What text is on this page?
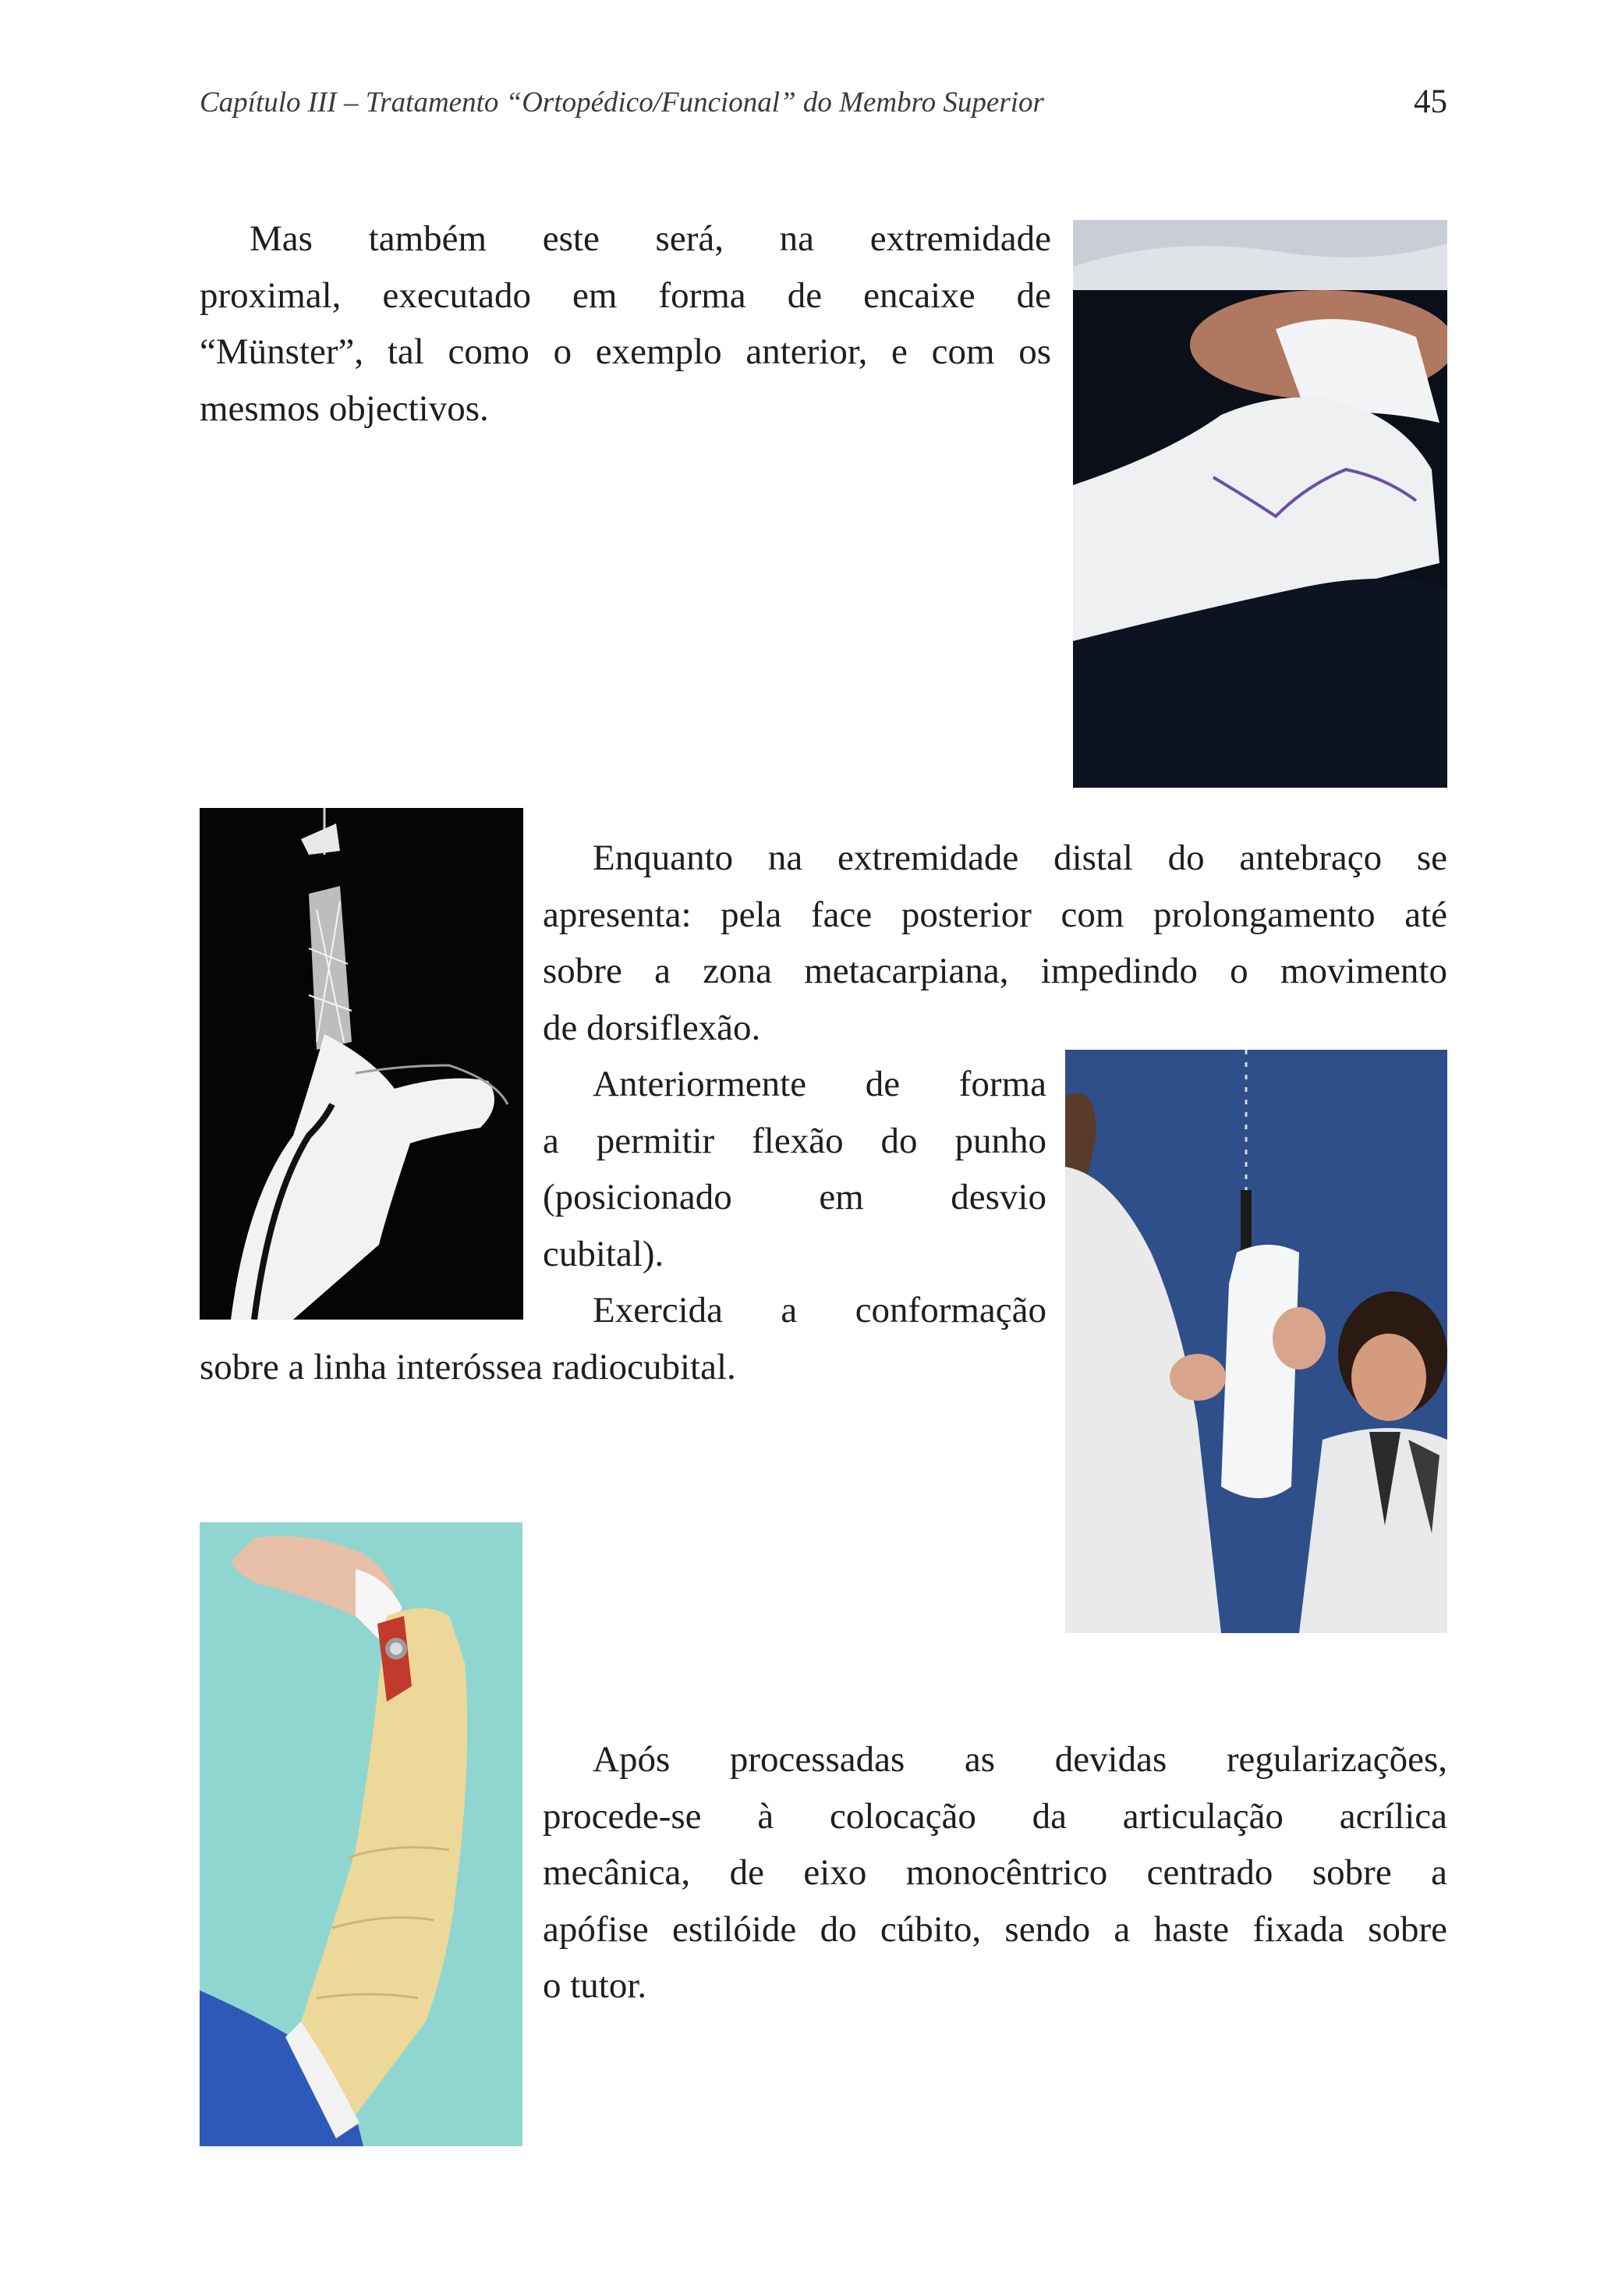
Capítulo III – Tratamento “Ortopédico/Funcional” do Membro Superior	45
Mas também este será, na extremidade
proximal, executado em forma de encaixe de
“Münster”, tal como o exemplo anterior, e com os
mesmos objectivos.
Enquanto na extremidade distal do antebraço se
apresenta: pela face posterior com prolongamento até
sobre a zona metacarpiana, impedindo o movimento
de dorsiflexão.
Anteriormente de forma
a permitir flexão do punho
(posicionado em desvio
cubital).
Exercida a conformação
sobre a linha interóssea radiocubital.
Após processadas as devidas regularizações,
procede-se à colocação da articulação acrílica
mecânica, de eixo monocêntrico centrado sobre a
apófise estilóide do cúbito, sendo a haste fixada sobre
o tutor.
